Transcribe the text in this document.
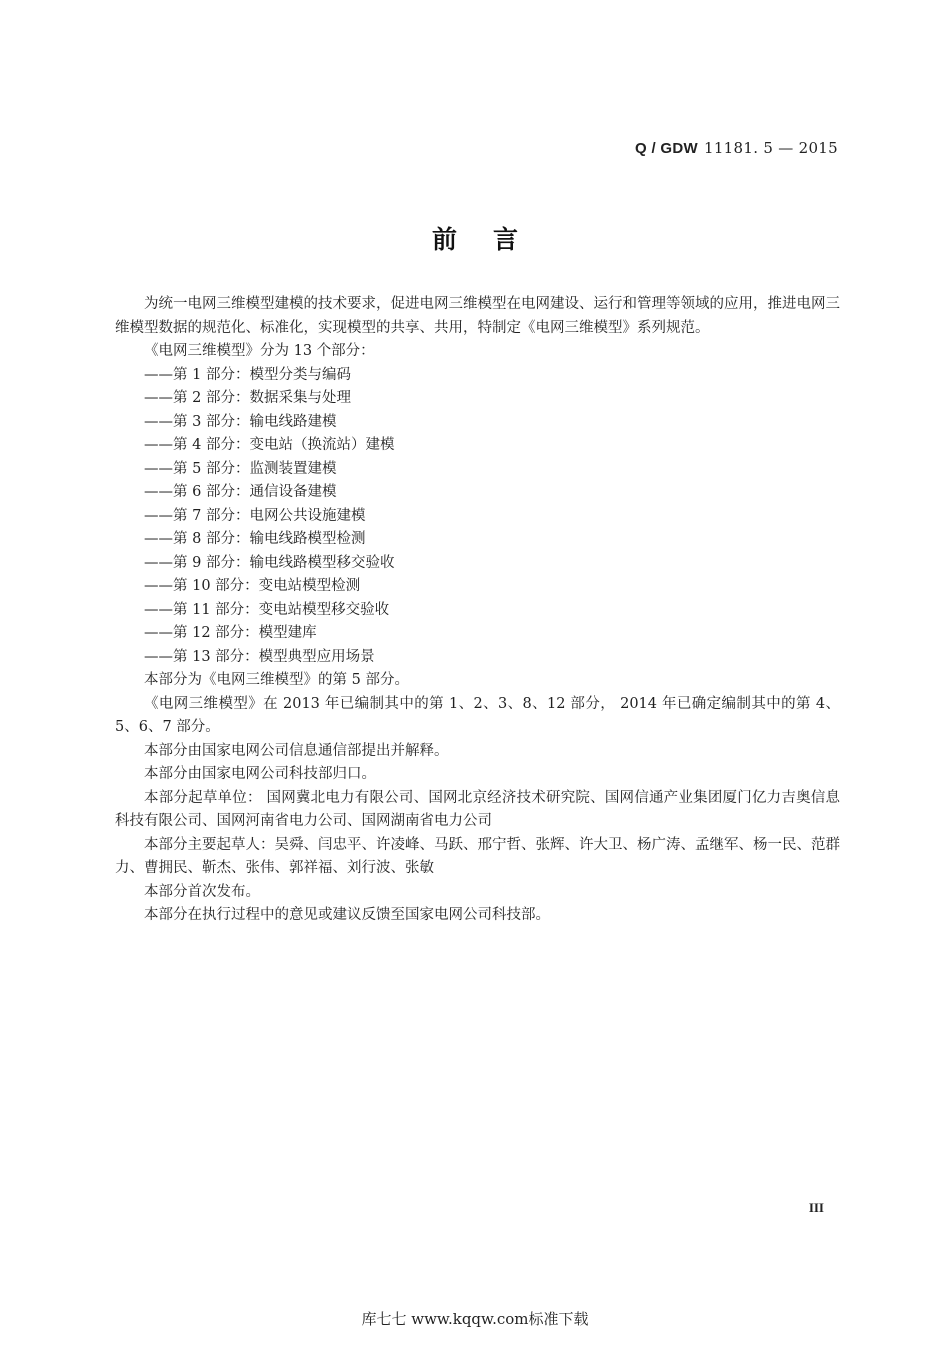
Q / GDW 11181. 5 — 2015
前言

为统一电网三维模型建模的技术要求，促进电网三维模型在电网建设、运行和管理等领域的应用，推进电网三维模型数据的规范化、标准化，实现模型的共享、共用，特制定《电网三维模型》系列规范。

《电网三维模型》分为 13 个部分：

——第 1 部分：模型分类与编码

——第 2 部分：数据采集与处理

——第 3 部分：输电线路建模

——第 4 部分：变电站（换流站）建模

——第 5 部分：监测装置建模

——第 6 部分：通信设备建模

——第 7 部分：电网公共设施建模

——第 8 部分：输电线路模型检测

——第 9 部分：输电线路模型移交验收

——第 10 部分：变电站模型检测

——第 11 部分：变电站模型移交验收

——第 12 部分：模型建库

——第 13 部分：模型典型应用场景

本部分为《电网三维模型》的第 5 部分。

《电网三维模型》在 2013 年已编制其中的第 1、2、3、8、12 部分， 2014 年已确定编制其中的第 4、5、6、7 部分。

本部分由国家电网公司信息通信部提出并解释。

本部分由国家电网公司科技部归口。

本部分起草单位： 国网冀北电力有限公司、国网北京经济技术研究院、国网信通产业集团厦门亿力吉奥信息科技有限公司、国网河南省电力公司、国网湖南省电力公司

本部分主要起草人：吴舜、闫忠平、许凌峰、马跃、邢宁哲、张辉、许大卫、杨广涛、孟继军、杨一民、范群力、曹拥民、靳杰、张伟、郭祥福、刘行波、张敏

本部分首次发布。

本部分在执行过程中的意见或建议反馈至国家电网公司科技部。

III
库七七 www.kqqw.com标准下载
